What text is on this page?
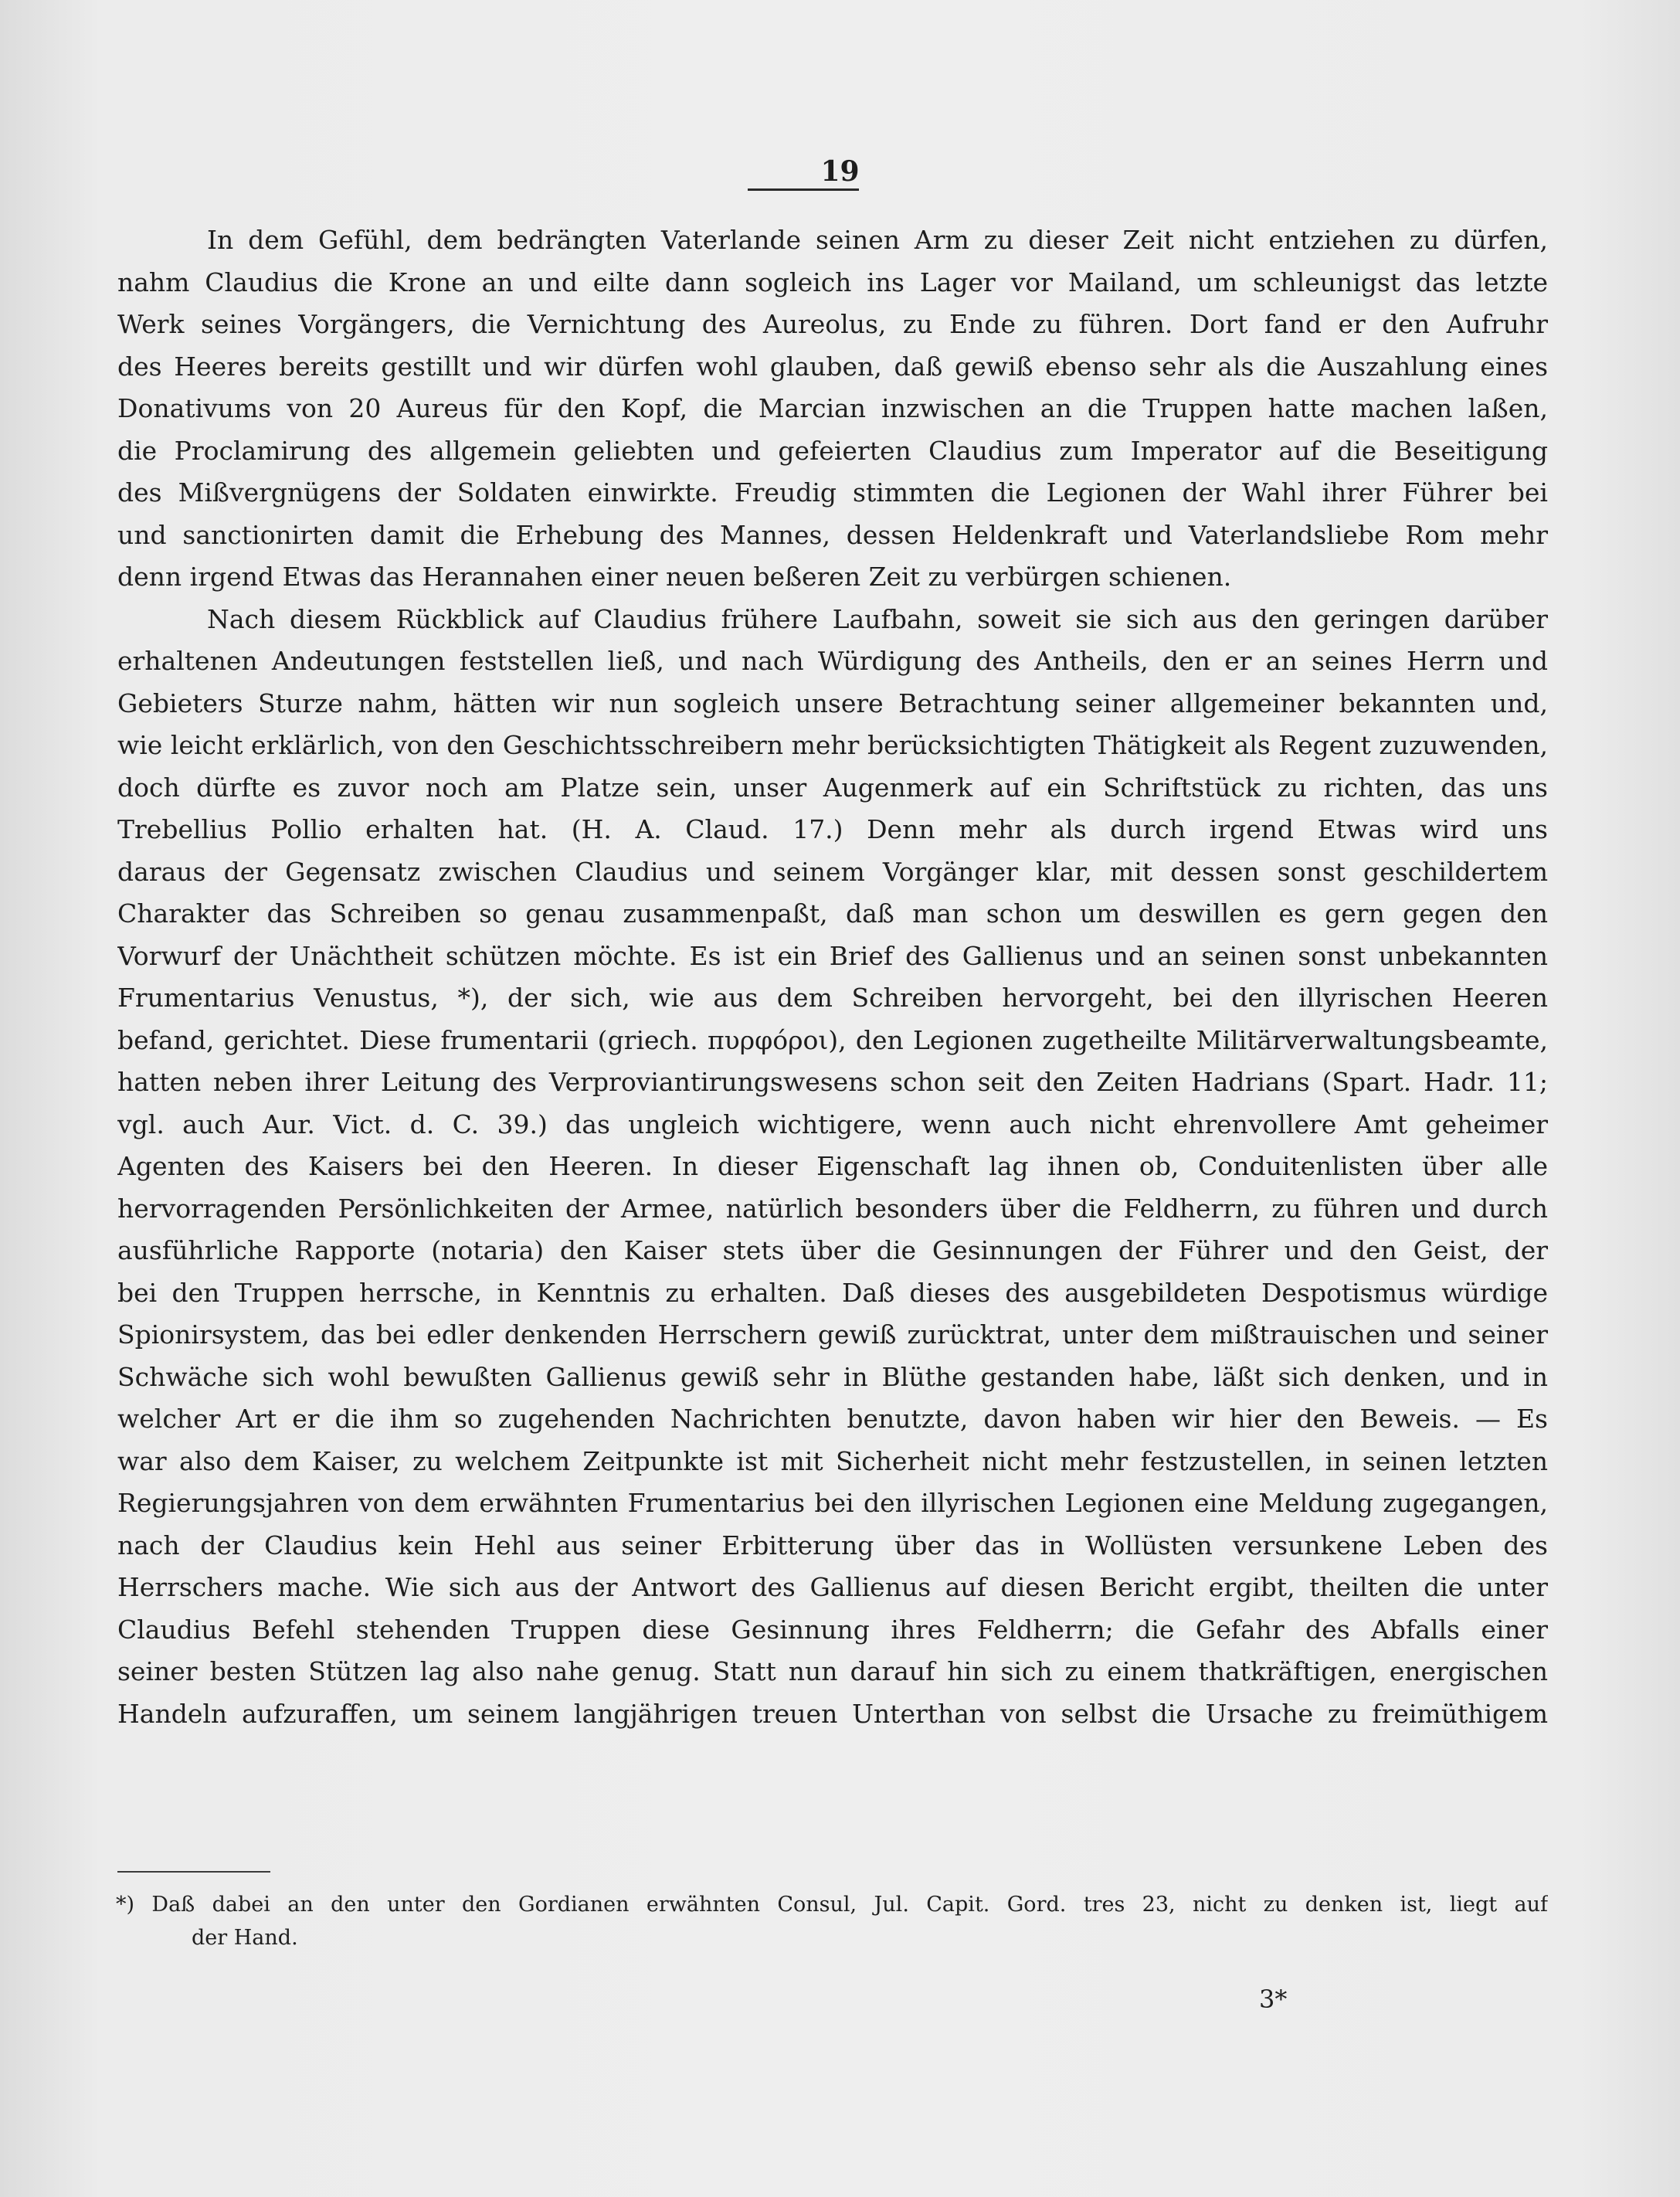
19
In dem Gefühl, dem bedrängten Vaterlande seinen Arm zu dieser Zeit nicht entziehen zu dürfen,
nahm Claudius die Krone an und eilte dann sogleich ins Lager vor Mailand, um schleunigst das letzte
Werk seines Vorgängers, die Vernichtung des Aureolus, zu Ende zu führen. Dort fand er den Aufruhr
des Heeres bereits gestillt und wir dürfen wohl glauben, daß gewiß ebenso sehr als die Auszahlung eines
Donativums von 20 Aureus für den Kopf, die Marcian inzwischen an die Truppen hatte machen laßen,
die Proclamirung des allgemein geliebten und gefeierten Claudius zum Imperator auf die Beseitigung
des Mißvergnügens der Soldaten einwirkte. Freudig stimmten die Legionen der Wahl ihrer Führer bei
und sanctionirten damit die Erhebung des Mannes, dessen Heldenkraft und Vaterlandsliebe Rom mehr
denn irgend Etwas das Herannahen einer neuen beßeren Zeit zu verbürgen schienen.
Nach diesem Rückblick auf Claudius frühere Laufbahn, soweit sie sich aus den geringen darüber
erhaltenen Andeutungen feststellen ließ, und nach Würdigung des Antheils, den er an seines Herrn und
Gebieters Sturze nahm, hätten wir nun sogleich unsere Betrachtung seiner allgemeiner bekannten und,
wie leicht erklärlich, von den Geschichtsschreibern mehr berücksichtigten Thätigkeit als Regent zuzuwenden,
doch dürfte es zuvor noch am Platze sein, unser Augenmerk auf ein Schriftstück zu richten, das uns
Trebellius Pollio erhalten hat. (H. A. Claud. 17.) Denn mehr als durch irgend Etwas wird uns
daraus der Gegensatz zwischen Claudius und seinem Vorgänger klar, mit dessen sonst geschildertem
Charakter das Schreiben so genau zusammenpaßt, daß man schon um deswillen es gern gegen den
Vorwurf der Unächtheit schützen möchte. Es ist ein Brief des Gallienus und an seinen sonst unbekannten
Frumentarius Venustus, *), der sich, wie aus dem Schreiben hervorgeht, bei den illyrischen Heeren
befand, gerichtet. Diese frumentarii (griech. πυρφόροι), den Legionen zugetheilte Militärverwaltungsbeamte,
hatten neben ihrer Leitung des Verproviantirungswesens schon seit den Zeiten Hadrians (Spart. Hadr. 11;
vgl. auch Aur. Vict. d. C. 39.) das ungleich wichtigere, wenn auch nicht ehrenvollere Amt geheimer
Agenten des Kaisers bei den Heeren. In dieser Eigenschaft lag ihnen ob, Conduitenlisten über alle
hervorragenden Persönlichkeiten der Armee, natürlich besonders über die Feldherrn, zu führen und durch
ausführliche Rapporte (notaria) den Kaiser stets über die Gesinnungen der Führer und den Geist, der
bei den Truppen herrsche, in Kenntnis zu erhalten. Daß dieses des ausgebildeten Despotismus würdige
Spionirsystem, das bei edler denkenden Herrschern gewiß zurücktrat, unter dem mißtrauischen und seiner
Schwäche sich wohl bewußten Gallienus gewiß sehr in Blüthe gestanden habe, läßt sich denken, und in
welcher Art er die ihm so zugehenden Nachrichten benutzte, davon haben wir hier den Beweis. — Es
war also dem Kaiser, zu welchem Zeitpunkte ist mit Sicherheit nicht mehr festzustellen, in seinen letzten
Regierungsjahren von dem erwähnten Frumentarius bei den illyrischen Legionen eine Meldung zugegangen,
nach der Claudius kein Hehl aus seiner Erbitterung über das in Wollüsten versunkene Leben des
Herrschers mache. Wie sich aus der Antwort des Gallienus auf diesen Bericht ergibt, theilten die unter
Claudius Befehl stehenden Truppen diese Gesinnung ihres Feldherrn; die Gefahr des Abfalls einer
seiner besten Stützen lag also nahe genug. Statt nun darauf hin sich zu einem thatkräftigen, energischen
Handeln aufzuraffen, um seinem langjährigen treuen Unterthan von selbst die Ursache zu freimüthigem
*) Daß dabei an den unter den Gordianen erwähnten Consul, Jul. Capit. Gord. tres 23, nicht zu denken ist, liegt auf
der Hand.
3*
